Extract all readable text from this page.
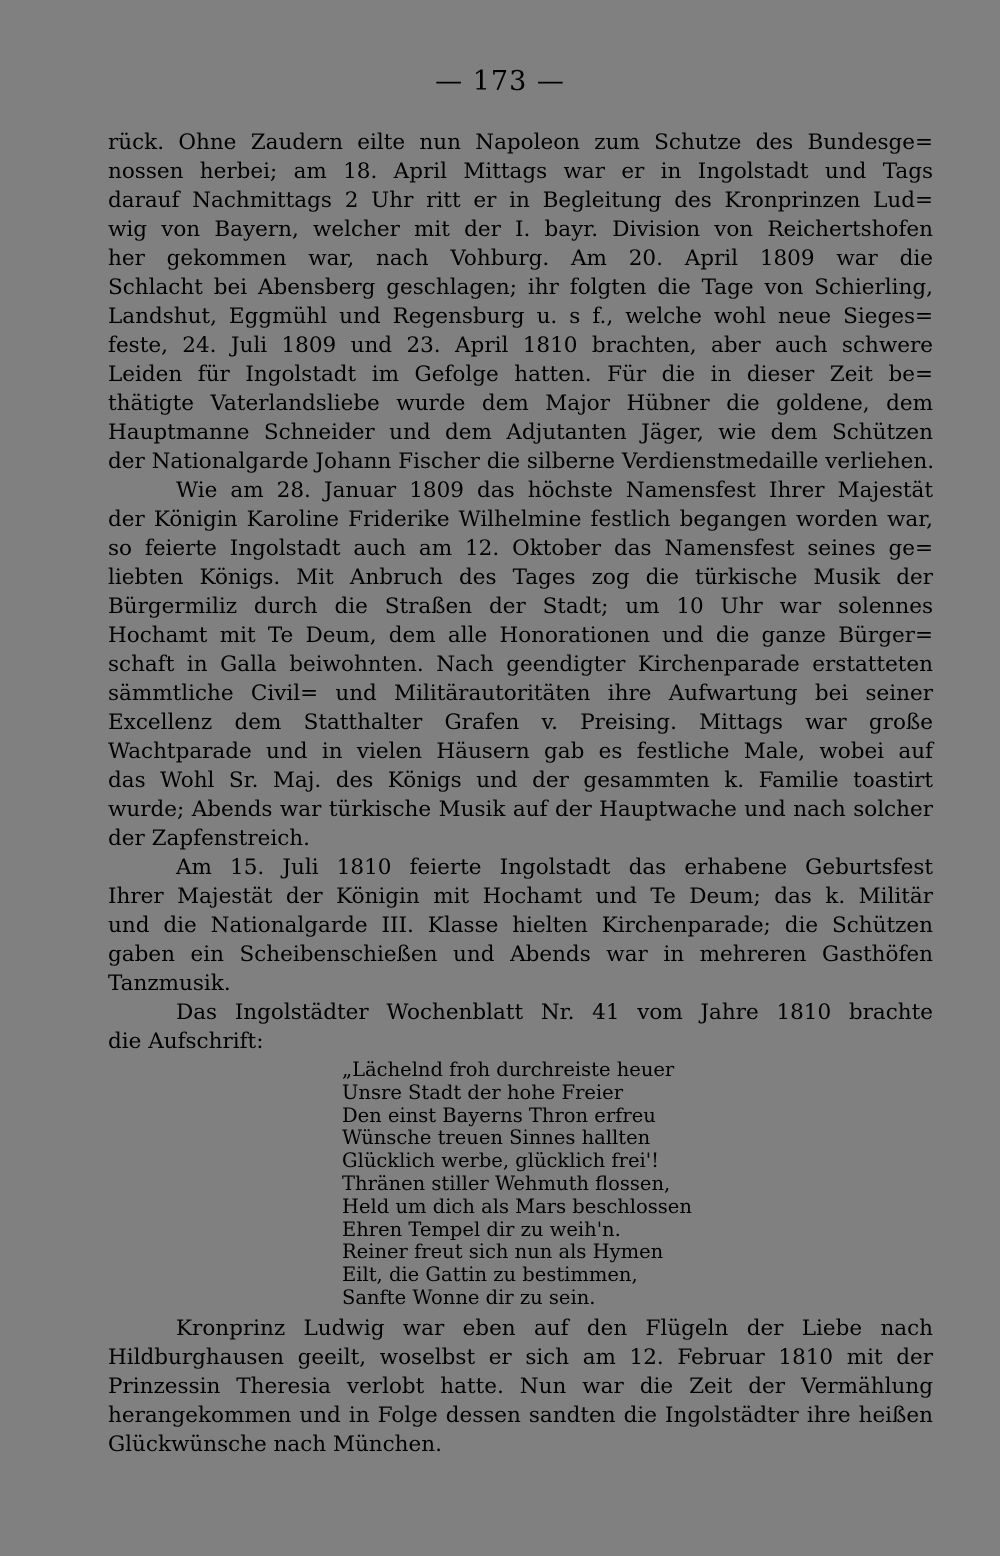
— 173 —
rück. Ohne Zaudern eilte nun Napoleon zum Schutze des Bundesge=
nossen herbei; am 18. April Mittags war er in Ingolstadt und Tags
darauf Nachmittags 2 Uhr ritt er in Begleitung des Kronprinzen Lud=
wig von Bayern, welcher mit der I. bayr. Division von Reichertshofen
her gekommen war, nach Vohburg. Am 20. April 1809 war die
Schlacht bei Abensberg geschlagen; ihr folgten die Tage von Schierling,
Landshut, Eggmühl und Regensburg u. s f., welche wohl neue Sieges=
feste, 24. Juli 1809 und 23. April 1810 brachten, aber auch schwere
Leiden für Ingolstadt im Gefolge hatten. Für die in dieser Zeit be=
thätigte Vaterlandsliebe wurde dem Major Hübner die goldene, dem
Hauptmanne Schneider und dem Adjutanten Jäger, wie dem Schützen
der Nationalgarde Johann Fischer die silberne Verdienstmedaille verliehen.
Wie am 28. Januar 1809 das höchste Namensfest Ihrer Majestät
der Königin Karoline Friderike Wilhelmine festlich begangen worden war,
so feierte Ingolstadt auch am 12. Oktober das Namensfest seines ge=
liebten Königs. Mit Anbruch des Tages zog die türkische Musik der
Bürgermiliz durch die Straßen der Stadt; um 10 Uhr war solennes
Hochamt mit Te Deum, dem alle Honorationen und die ganze Bürger=
schaft in Galla beiwohnten. Nach geendigter Kirchenparade erstatteten
sämmtliche Civil= und Militärautoritäten ihre Aufwartung bei seiner
Excellenz dem Statthalter Grafen v. Preising. Mittags war große
Wachtparade und in vielen Häusern gab es festliche Male, wobei auf
das Wohl Sr. Maj. des Königs und der gesammten k. Familie toastirt
wurde; Abends war türkische Musik auf der Hauptwache und nach solcher
der Zapfenstreich.
Am 15. Juli 1810 feierte Ingolstadt das erhabene Geburtsfest
Ihrer Majestät der Königin mit Hochamt und Te Deum; das k. Militär
und die Nationalgarde III. Klasse hielten Kirchenparade; die Schützen
gaben ein Scheibenschießen und Abends war in mehreren Gasthöfen
Tanzmusik.
Das Ingolstädter Wochenblatt Nr. 41 vom Jahre 1810 brachte
die Aufschrift:
„Lächelnd froh durchreiste heuer
Unsre Stadt der hohe Freier
Den einst Bayerns Thron erfreu
Wünsche treuen Sinnes hallten
Glücklich werbe, glücklich frei'!
Thränen stiller Wehmuth flossen,
Held um dich als Mars beschlossen
Ehren Tempel dir zu weih'n.
Reiner freut sich nun als Hymen
Eilt, die Gattin zu bestimmen,
Sanfte Wonne dir zu sein.
Kronprinz Ludwig war eben auf den Flügeln der Liebe nach
Hildburghausen geeilt, woselbst er sich am 12. Februar 1810 mit der
Prinzessin Theresia verlobt hatte. Nun war die Zeit der Vermählung
herangekommen und in Folge dessen sandten die Ingolstädter ihre heißen
Glückwünsche nach München.
